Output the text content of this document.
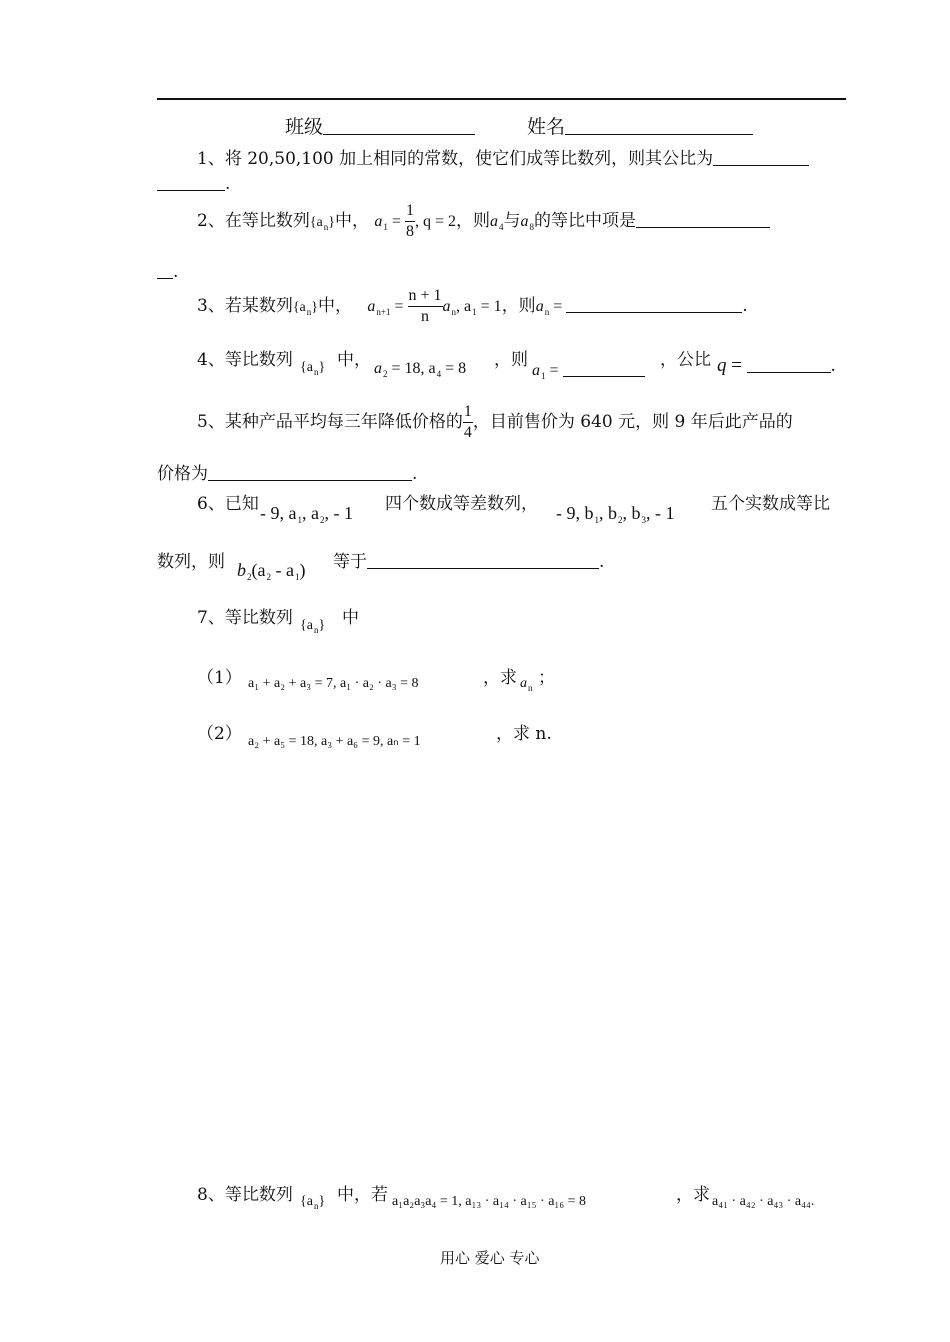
班级	姓名
1、将 20,50,100 加上相同的常数，使它们成等比数列，则其公比为
.
2、在等比数列$\{a_n\}$中， $a_1 = \frac{1}{8}$ , q = 2，则$a_4$与$a_8$的等比中项是
.
3、若某数列$\{a_n\}$中， $a_{n+1} = \frac{n + 1}{n} a_n$, $a_1 = 1$，则$a_n$ =	.
4、等比数列 $\{a_n\}$ 中， $a_2 = 18$, $a_4 = 8$ ，则
$a_1$ =
，公比 q =	.
5、某种产品平均每三年降低价格的 $\frac{1}{4}$ ，目前售价为 640 元，则 9 年后此产品的
价格为	.
6、已知 - 9, $a_1$, $a_2$, - 1 四个数成等差数列， - 9, $b_1$, $b_2$, $b_3$, - 1 五个实数成等比
数列，则 $b_2(a_2 - a_1)$ 等于	.
7、等比数列 $\{a_n\}$ 中
（1） a₁ + a₂ + a₃ = 7, a₁ · a₂ · a₃ = 8	，求 $a_n$ ；
（2） a₂ + a₅ = 18, a₃ + a₆ = 9, aₙ = 1	，求 n.
8、等比数列 $\{a_n\}$ 中，若 a₁a₂a₃a₄ = 1, a₁₃ · a₁₄ · a₁₅ · a₁₆ = 8	，求 a₄₁ · a₄₂ · a₄₃ · a₄₄.
用心 爱心 专心
